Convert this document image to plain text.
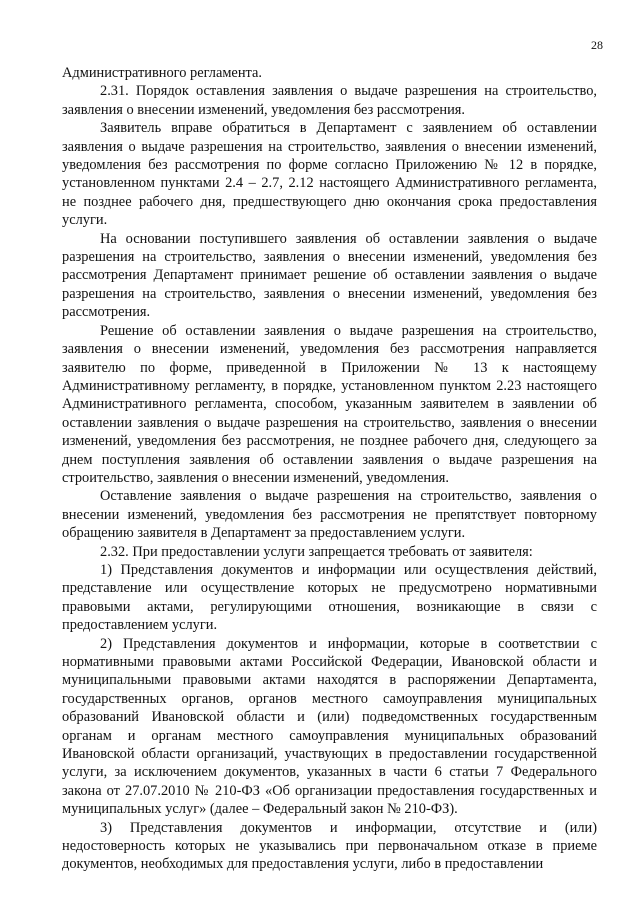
28

Административного регламента.

2.31. Порядок оставления заявления о выдаче разрешения на строительство, заявления о внесении изменений, уведомления без рассмотрения.

Заявитель вправе обратиться в Департамент с заявлением об оставлении заявления о выдаче разрешения на строительство, заявления о внесении изменений, уведомления без рассмотрения по форме согласно Приложению № 12 в порядке, установленном пунктами 2.4 – 2.7, 2.12 настоящего Административного регламента, не позднее рабочего дня, предшествующего дню окончания срока предоставления услуги.

На основании поступившего заявления об оставлении заявления о выдаче разрешения на строительство, заявления о внесении изменений, уведомления без рассмотрения Департамент принимает решение об оставлении заявления о выдаче разрешения на строительство, заявления о внесении изменений, уведомления без рассмотрения.

Решение об оставлении заявления о выдаче разрешения на строительство, заявления о внесении изменений, уведомления без рассмотрения направляется заявителю по форме, приведенной в Приложении № 13 к настоящему Административному регламенту, в порядке, установленном пунктом 2.23 настоящего Административного регламента, способом, указанным заявителем в заявлении об оставлении заявления о выдаче разрешения на строительство, заявления о внесении изменений, уведомления без рассмотрения, не позднее рабочего дня, следующего за днем поступления заявления об оставлении заявления о выдаче разрешения на строительство, заявления о внесении изменений, уведомления.

Оставление заявления о выдаче разрешения на строительство, заявления о внесении изменений, уведомления без рассмотрения не препятствует повторному обращению заявителя в Департамент за предоставлением услуги.

2.32. При предоставлении услуги запрещается требовать от заявителя:

1) Представления документов и информации или осуществления действий, представление или осуществление которых не предусмотрено нормативными правовыми актами, регулирующими отношения, возникающие в связи с предоставлением услуги.

2) Представления документов и информации, которые в соответствии с нормативными правовыми актами Российской Федерации, Ивановской области и муниципальными правовыми актами находятся в распоряжении Департамента, государственных органов, органов местного самоуправления муниципальных образований Ивановской области и (или) подведомственных государственным органам и органам местного самоуправления муниципальных образований Ивановской области организаций, участвующих в предоставлении государственной услуги, за исключением документов, указанных в части 6 статьи 7 Федерального закона от 27.07.2010 № 210-ФЗ «Об организации предоставления государственных и муниципальных услуг» (далее – Федеральный закон № 210-ФЗ).

3) Представления документов и информации, отсутствие и (или) недостоверность которых не указывались при первоначальном отказе в приеме документов, необходимых для предоставления услуги, либо в предоставлении
